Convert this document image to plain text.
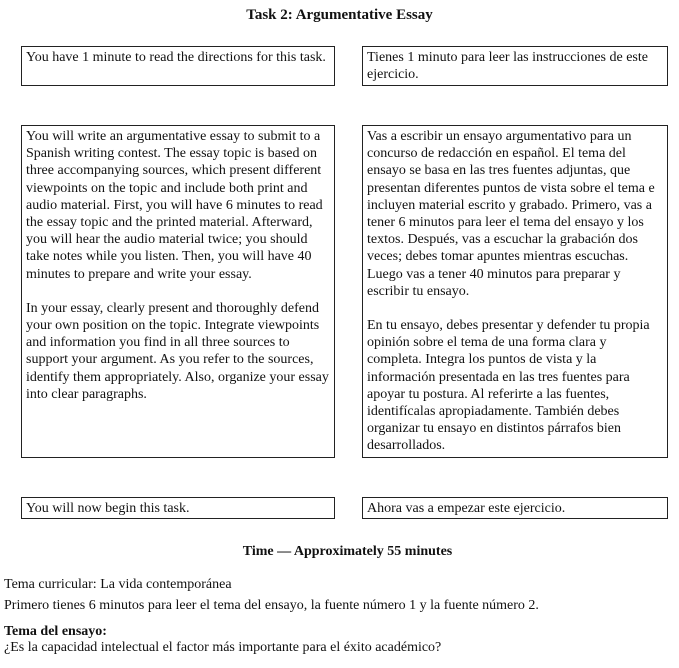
Task 2: Argumentative Essay

You have 1 minute to read the directions for this task.	Tienes 1 minuto para leer las instrucciones de este ejercicio.

You will write an argumentative essay to submit to a Spanish writing contest. The essay topic is based on three accompanying sources, which present different viewpoints on the topic and include both print and audio material. First, you will have 6 minutes to read the essay topic and the printed material. Afterward, you will hear the audio material twice; you should take notes while you listen. Then, you will have 40 minutes to prepare and write your essay.

In your essay, clearly present and thoroughly defend your own position on the topic. Integrate viewpoints and information you find in all three sources to support your argument. As you refer to the sources, identify them appropriately. Also, organize your essay into clear paragraphs.

Vas a escribir un ensayo argumentativo para un concurso de redacción en español. El tema del ensayo se basa en las tres fuentes adjuntas, que presentan diferentes puntos de vista sobre el tema e incluyen material escrito y grabado. Primero, vas a tener 6 minutos para leer el tema del ensayo y los textos. Después, vas a escuchar la grabación dos veces; debes tomar apuntes mientras escuchas. Luego vas a tener 40 minutos para preparar y escribir tu ensayo.

En tu ensayo, debes presentar y defender tu propia opinión sobre el tema de una forma clara y completa. Integra los puntos de vista y la información presentada en las tres fuentes para apoyar tu postura. Al referirte a las fuentes, identifícalas apropiadamente. También debes organizar tu ensayo en distintos párrafos bien desarrollados.

You will now begin this task.	Ahora vas a empezar este ejercicio.

Time — Approximately 55 minutes
Tema curricular: La vida contemporánea
Primero tienes 6 minutos para leer el tema del ensayo, la fuente número 1 y la fuente número 2.
Tema del ensayo:
¿Es la capacidad intelectual el factor más importante para el éxito académico?
